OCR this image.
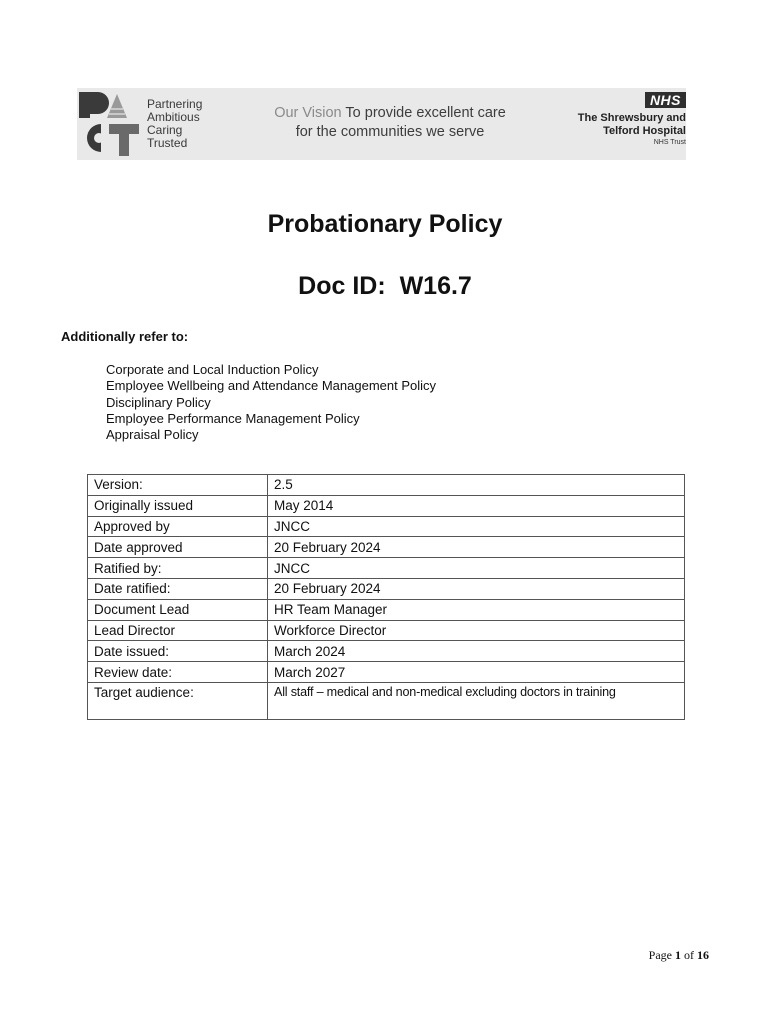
Partnering
Ambitious
Caring
Trusted
Our Vision To provide excellent care
for the communities we serve
NHS
The Shrewsbury and
Telford Hospital
NHS Trust
Probationary Policy
Doc ID:  W16.7
Additionally refer to:
Corporate and Local Induction Policy
Employee Wellbeing and Attendance Management Policy
Disciplinary Policy
Employee Performance Management Policy
Appraisal Policy
Version:	2.5
Originally issued	May 2014
Approved by	JNCC
Date approved	20 February 2024
Ratified by:	JNCC
Date ratified:	20 February 2024
Document Lead	HR Team Manager
Lead Director	Workforce Director
Date issued:	March 2024
Review date:	March 2027
Target audience:	All staff – medical and non-medical excluding doctors in training
Page 1 of 16
